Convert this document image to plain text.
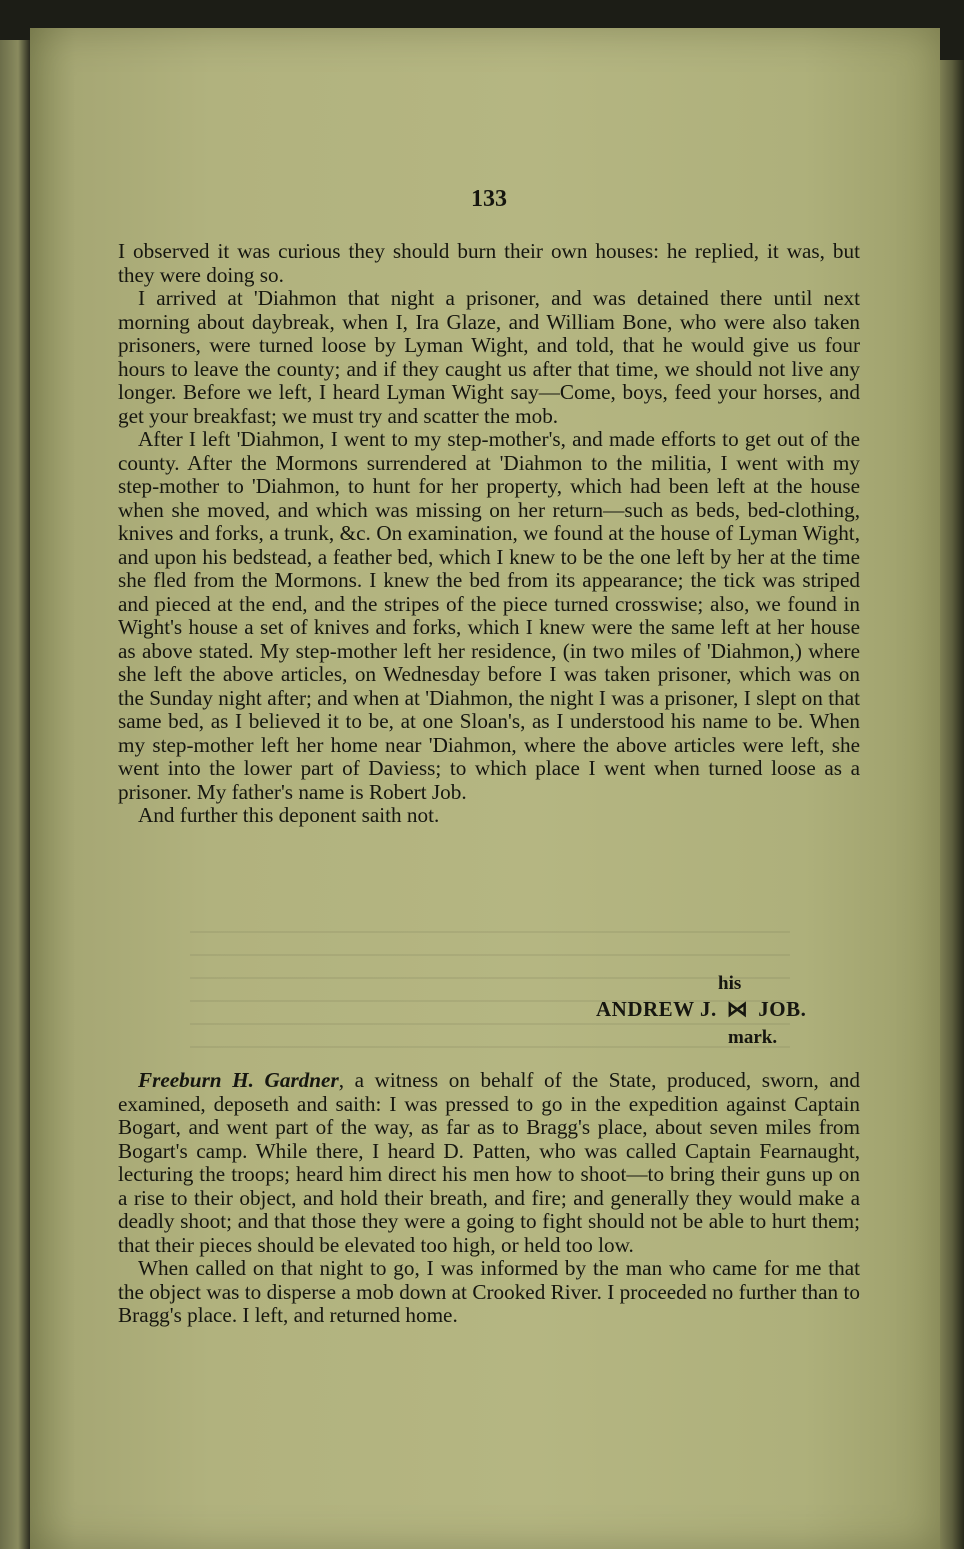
133

I observed it was curious they should burn their own houses: he replied, it was, but they were doing so.

I arrived at 'Diahmon that night a prisoner, and was detained there until next morning about daybreak, when I, Ira Glaze, and William Bone, who were also taken prisoners, were turned loose by Lyman Wight, and told, that he would give us four hours to leave the county; and if they caught us after that time, we should not live any longer. Before we left, I heard Lyman Wight say—Come, boys, feed your horses, and get your breakfast; we must try and scatter the mob.

After I left 'Diahmon, I went to my step-mother's, and made efforts to get out of the county. After the Mormons surrendered at 'Diahmon to the militia, I went with my step-mother to 'Diahmon, to hunt for her property, which had been left at the house when she moved, and which was missing on her return—such as beds, bed-clothing, knives and forks, a trunk, &c. On examination, we found at the house of Lyman Wight, and upon his bedstead, a feather bed, which I knew to be the one left by her at the time she fled from the Mormons. I knew the bed from its appearance; the tick was striped and pieced at the end, and the stripes of the piece turned crosswise; also, we found in Wight's house a set of knives and forks, which I knew were the same left at her house as above stated. My step-mother left her residence, (in two miles of 'Diahmon,) where she left the above articles, on Wednesday before I was taken prisoner, which was on the Sunday night after; and when at 'Diahmon, the night I was a prisoner, I slept on that same bed, as I believed it to be, at one Sloan's, as I understood his name to be. When my step-mother left her home near 'Diahmon, where the above articles were left, she went into the lower part of Daviess; to which place I went when turned loose as a prisoner. My father's name is Robert Job.

And further this deponent saith not.

his

ANDREW J. ⋈ JOB.

mark.

Freeburn H. Gardner, a witness on behalf of the State, produced, sworn, and examined, deposeth and saith: I was pressed to go in the expedition against Captain Bogart, and went part of the way, as far as to Bragg's place, about seven miles from Bogart's camp. While there, I heard D. Patten, who was called Captain Fearnaught, lecturing the troops; heard him direct his men how to shoot—to bring their guns up on a rise to their object, and hold their breath, and fire; and generally they would make a deadly shoot; and that those they were a going to fight should not be able to hurt them; that their pieces should be elevated too high, or held too low.

When called on that night to go, I was informed by the man who came for me that the object was to disperse a mob down at Crooked River. I proceeded no further than to Bragg's place. I left, and returned home.
